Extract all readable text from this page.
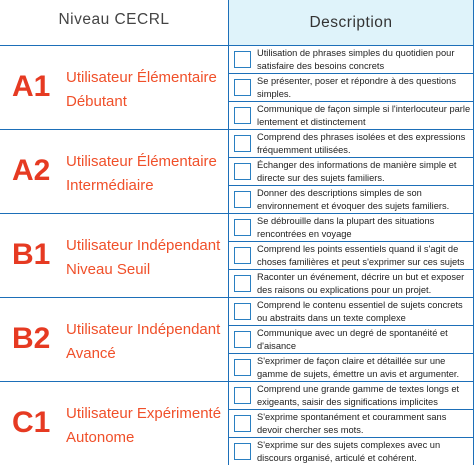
Niveau CECRL	Description
A1 Utilisateur Élémentaire Débutant
A2 Utilisateur Élémentaire Intermédiaire
B1 Utilisateur Indépendant Niveau Seuil
B2 Utilisateur Indépendant Avancé
C1 Utilisateur Expérimenté Autonome
Utilisation de phrases simples du quotidien pour satisfaire des besoins concrets
Se présenter, poser et répondre à des questions simples.
Communique de façon simple si l'interlocuteur parle lentement et distinctement
Comprend des phrases isolées et des expressions fréquemment utilisées.
Échanger des informations de manière simple et directe sur des sujets familiers.
Donner des descriptions simples de son environnement et évoquer des sujets familiers.
Se débrouille dans la plupart des situations rencontrées en voyage
Comprend les points essentiels quand il s'agit de choses familières et peut s'exprimer sur ces sujets
Raconter un événement, décrire un but et exposer des raisons ou explications pour un projet.
Comprend le contenu essentiel de sujets concrets ou abstraits dans un texte complexe
Communique avec un degré de spontanéité et d'aisance
S'exprimer de façon claire et détaillée sur une gamme de sujets, émettre un avis et argumenter.
Comprend une grande gamme de textes longs et exigeants, saisir des significations implicites
S'exprime spontanément et couramment sans devoir chercher ses mots.
S'exprime sur des sujets complexes avec un discours organisé, articulé et cohérent.
